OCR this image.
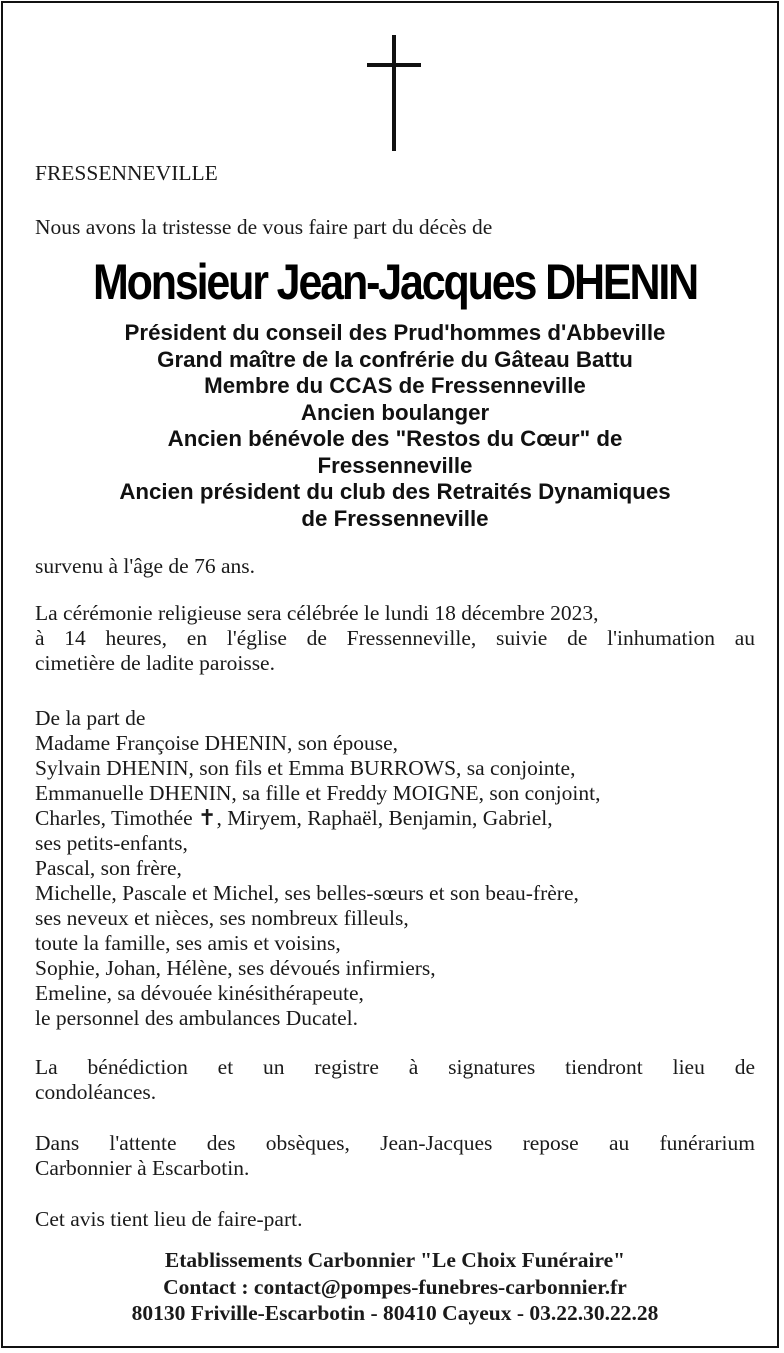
FRESSENNEVILLE

Nous avons la tristesse de vous faire part du décès de

Monsieur Jean-Jacques DHENIN
Président du conseil des Prud'hommes d'Abbeville
Grand maître de la confrérie du Gâteau Battu
Membre du CCAS de Fressenneville
Ancien boulanger
Ancien bénévole des "Restos du Cœur" de
Fressenneville
Ancien président du club des Retraités Dynamiques
de Fressenneville

survenu à l'âge de 76 ans.

La cérémonie religieuse sera célébrée le lundi 18 décembre 2023,
à 14 heures, en l'église de Fressenneville, suivie de l'inhumation au
cimetière de ladite paroisse.
De la part de
Madame Françoise DHENIN, son épouse,
Sylvain DHENIN, son fils et Emma BURROWS, sa conjointe,
Emmanuelle DHENIN, sa fille et Freddy MOIGNE, son conjoint,
Charles, Timothée ✝, Miryem, Raphaël, Benjamin, Gabriel,
ses petits-enfants,
Pascal, son frère,
Michelle, Pascale et Michel, ses belles-sœurs et son beau-frère,
ses neveux et nièces, ses nombreux filleuls,
toute la famille, ses amis et voisins,
Sophie, Johan, Hélène, ses dévoués infirmiers,
Emeline, sa dévouée kinésithérapeute,
le personnel des ambulances Ducatel.
La bénédiction et un registre à signatures tiendront lieu de
condoléances.
Dans l'attente des obsèques, Jean-Jacques repose au funérarium
Carbonnier à Escarbotin.

Cet avis tient lieu de faire-part.

Etablissements Carbonnier "Le Choix Funéraire"
Contact : contact@pompes-funebres-carbonnier.fr
80130 Friville-Escarbotin - 80410 Cayeux - 03.22.30.22.28
